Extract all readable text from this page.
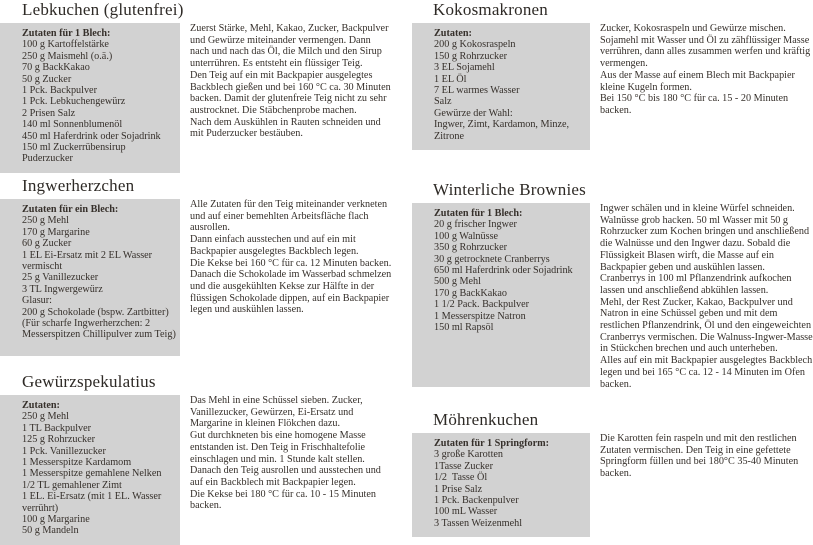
Lebkuchen (glutenfrei)
Zutaten für 1 Blech:
100 g Kartoffelstärke
250 g Maismehl (o.ä.)
70 g BackKakao
50 g Zucker
1 Pck. Backpulver
1 Pck. Lebkuchengewürz
2 Prisen Salz
140 ml Sonnenblumenöl
450 ml Haferdrink oder Sojadrink
150 ml Zuckerrübensirup
Puderzucker

Zuerst Stärke, Mehl, Kakao, Zucker, Backpulver und Gewürze miteinander vermengen. Dann nach und nach das Öl, die Milch und den Sirup unterrühren. Es entsteht ein flüssiger Teig.

Den Teig auf ein mit Backpapier ausgelegtes Backblech gießen und bei 160 °C ca. 30 Minuten backen. Damit der glutenfreie Teig nicht zu sehr austrocknet. Die Stäbchenprobe machen.

Nach dem Auskühlen in Rauten schneiden und mit Puderzucker bestäuben.

Ingwerherzchen
Zutaten für ein Blech:
250 g Mehl
170 g Margarine
60 g Zucker
1 EL Ei-Ersatz mit 2 EL Wasser vermischt
25 g Vanillezucker
3 TL Ingwergewürz
Glasur:
200 g Schokolade (bspw. Zartbitter)
(Für scharfe Ingwerherzchen: 2 Messerspitzen Chillipulver zum Teig)

Alle Zutaten für den Teig miteinander verkneten und auf einer bemehlten Arbeitsfläche flach ausrollen.

Dann einfach ausstechen und auf ein mit Backpapier ausgelegtes Backblech legen.

Die Kekse bei 160 °C für ca. 12 Minuten backen.

Danach die Schokolade im Wasserbad schmelzen und die ausgekühlten Kekse zur Hälfte in der flüssigen Schokolade dippen, auf ein Backpapier legen und auskühlen lassen.

Gewürzspekulatius
Zutaten:
250 g Mehl
1 TL Backpulver
125 g Rohrzucker
1 Pck. Vanillezucker
1 Messerspitze Kardamom
1 Messerspitze gemahlene Nelken
1/2 TL gemahlener Zimt
1 EL. Ei-Ersatz (mit 1 EL. Wasser verrührt)
100 g Margarine
50 g Mandeln

Das Mehl in eine Schüssel sieben. Zucker, Vanillezucker, Gewürzen, Ei-Ersatz und Margarine in kleinen Flökchen dazu.

Gut durchkneten bis eine homogene Masse entstanden ist. Den Teig in Frischhaltefolie einschlagen und min. 1 Stunde kalt stellen.

Danach den Teig ausrollen und ausstechen und auf ein Backblech mit Backpapier legen.

Die Kekse bei 180 °C für ca. 10 - 15 Minuten backen.

Kokosmakronen
Zutaten:
200 g Kokosraspeln
150 g Rohrzucker
3 EL Sojamehl
1 EL Öl
7 EL warmes Wasser
Salz
Gewürze der Wahl:
Ingwer, Zimt, Kardamon, Minze, Zitrone

Zucker, Kokosraspeln und Gewürze mischen.

Sojamehl mit Wasser und Öl zu zähflüssiger Masse verrühren, dann alles zusammen werfen und kräftig vermengen.

Aus der Masse auf einem Blech mit Backpapier kleine Kugeln formen.

Bei 150 °C bis 180 °C für ca. 15 - 20 Minuten backen.

Winterliche Brownies
Zutaten für 1 Blech:
20 g frischer Ingwer
100 g Walnüsse
350 g Rohrzucker
30 g getrocknete Cranberrys
650 ml Haferdrink oder Sojadrink
500 g Mehl
170 g BackKakao
1 1/2 Pack. Backpulver
1 Messerspitze Natron
150 ml Rapsöl

Ingwer schälen und in kleine Würfel schneiden. Walnüsse grob hacken. 50 ml Wasser mit 50 g Rohrzucker zum Kochen bringen und anschließend die Walnüsse und den Ingwer dazu. Sobald die Flüssigkeit Blasen wirft, die Masse auf ein Backpapier geben und auskühlen lassen.

Cranberrys in 100 ml Pflanzendrink aufkochen lassen und anschließend abkühlen lassen.

Mehl, der Rest Zucker, Kakao, Backpulver und Natron in eine Schüssel geben und mit dem restlichen Pflanzendrink, Öl und den eingeweichten Cranberrys vermischen. Die Walnuss-Ingwer-Masse in Stückchen brechen und auch unterheben.

Alles auf ein mit Backpapier ausgelegtes Backblech legen und bei 165 °C ca. 12 - 14 Minuten im Ofen backen.

Möhrenkuchen
Zutaten für 1 Springform:
3 große Karotten
1Tasse Zucker
1/2  Tasse Öl
1 Prise Salz
1 Pck. Backenpulver
100 mL Wasser
3 Tassen Weizenmehl

Die Karotten fein raspeln und mit den restlichen Zutaten vermischen. Den Teig in eine gefettete Springform füllen und bei 180°C 35-40 Minuten backen.
